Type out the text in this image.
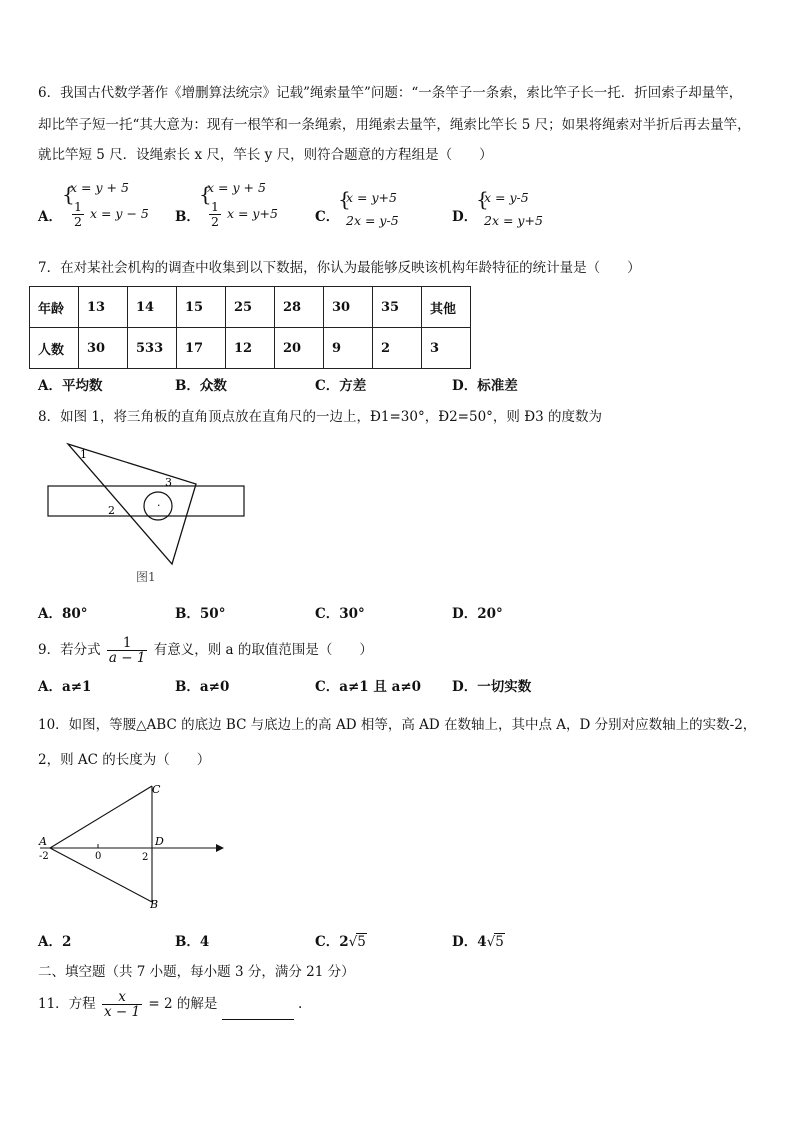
6．我国古代数学著作《增删算法统宗》记载”绳索量竿”问题：“一条竿子一条索，索比竿子长一托．折回索子却量竿，
却比竿子短一托“其大意为：现有一根竿和一条绳索，用绳索去量竿，绳索比竿长 5 尺；如果将绳索对半折后再去量竿，
就比竿短 5 尺．设绳索长 x 尺，竿长 y 尺，则符合题意的方程组是（　　）
A．
{
x = y + 5
$\frac{1}{2}$ x = y − 5 B．
{
x = y + 5
$\frac{1}{2}$ x = y+5	C．
{
x = y+5
2x = y-5	D．
{
x = y-5
2x = y+5
7．在对某社会机构的调查中收集到以下数据，你认为最能够反映该机构年龄特征的统计量是（　　）
年龄	13	14	15	25	28	30	35	其他
人数	30	533	17	12	20	9	2	3
A．平均数	B．众数	C．方差	D．标准差
8．如图 1，将三角板的直角顶点放在直角尺的一边上，Ð1=30°，Ð2=50°，则 Ð3 的度数为
·
1
2
3
图1
A．80°	B．50°	C．30°	D．20°
9．若分式 $\frac{1}{a - 1}$ 有意义，则 a 的取值范围是（　　）
A．a≠1	B．a≠0	C．a≠1 且 a≠0 D．一切实数
10．如图，等腰△ABC 的底边 BC 与底边上的高 AD 相等，高 AD 在数轴上，其中点 A，D 分别对应数轴上的实数-2，
2，则 AC 的长度为（　　）
C
D
B
A
-2	0	2
A．2	B．4	C．2√5	D．4√5
二、填空题（共 7 小题，每小题 3 分，满分 21 分）
11．方程 $\frac{x}{x - 1} = 2$ 的解是	.
